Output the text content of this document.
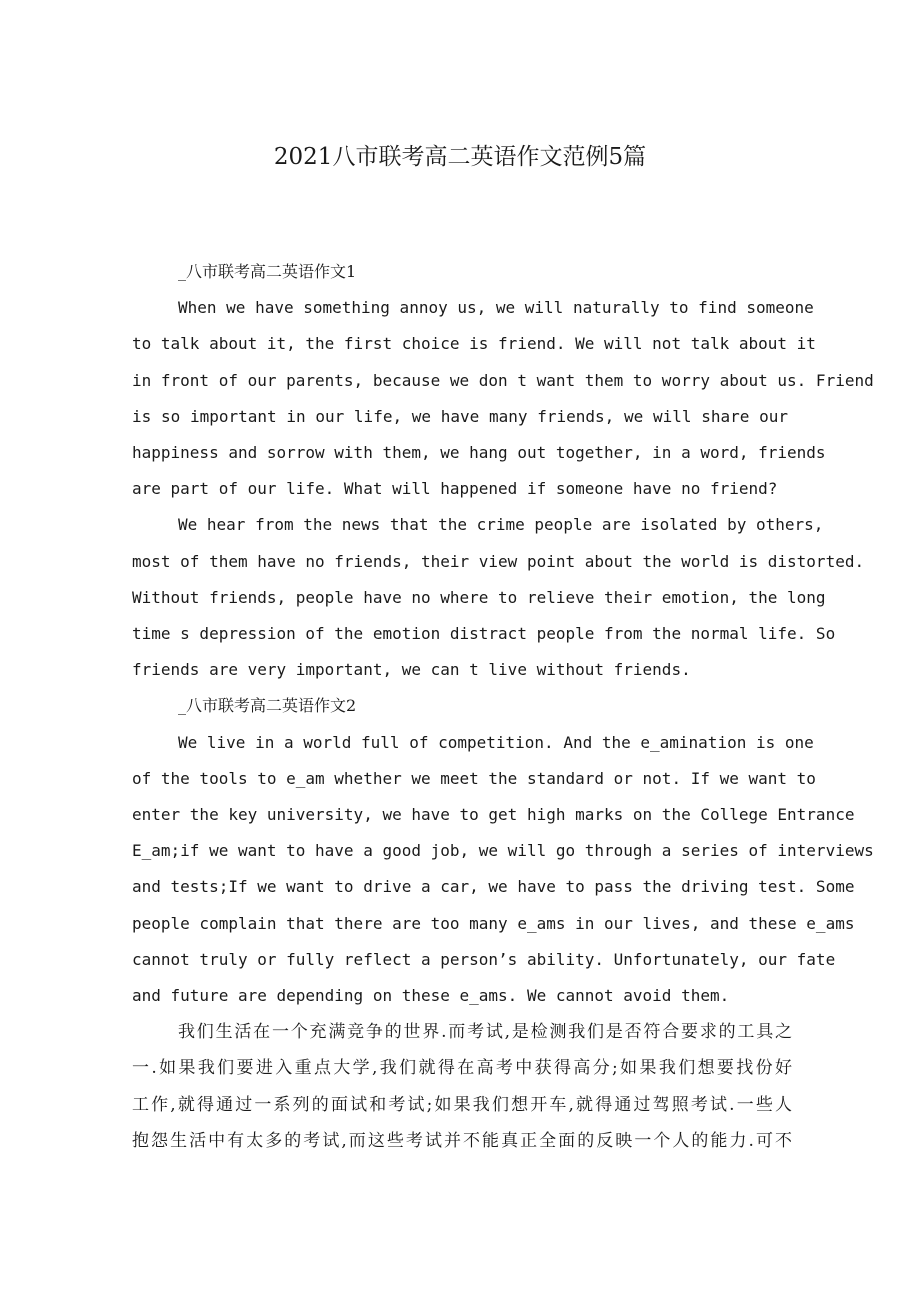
2021八市联考高二英语作文范例5篇

_八市联考高二英语作文1

When we have something annoy us, we will naturally to find someone

to talk about it, the first choice is friend. We will not talk about it

in front of our parents, because we don t want them to worry about us. Friend

is so important in our life, we have many friends, we will share our

happiness and sorrow with them, we hang out together, in a word, friends

are part of our life. What will happened if someone have no friend?

We hear from the news that the crime people are isolated by others,

most of them have no friends, their view point about the world is distorted.

Without friends, people have no where to relieve their emotion, the long

time s depression of the emotion distract people from the normal life. So

friends are very important, we can t live without friends.

_八市联考高二英语作文2

We live in a world full of competition. And the e_amination is one

of the tools to e_am whether we meet the standard or not. If we want to

enter the key university, we have to get high marks on the College Entrance

E_am;if we want to have a good job, we will go through a series of interviews

and tests;If we want to drive a car, we have to pass the driving test. Some

people complain that there are too many e_ams in our lives, and these e_ams

cannot truly or fully reflect a person’s ability. Unfortunately, our fate

and future are depending on these e_ams. We cannot avoid them.

我们生活在一个充满竞争的世界.而考试,是检测我们是否符合要求的工具之

一.如果我们要进入重点大学,我们就得在高考中获得高分;如果我们想要找份好

工作,就得通过一系列的面试和考试;如果我们想开车,就得通过驾照考试.一些人

抱怨生活中有太多的考试,而这些考试并不能真正全面的反映一个人的能力.可不
